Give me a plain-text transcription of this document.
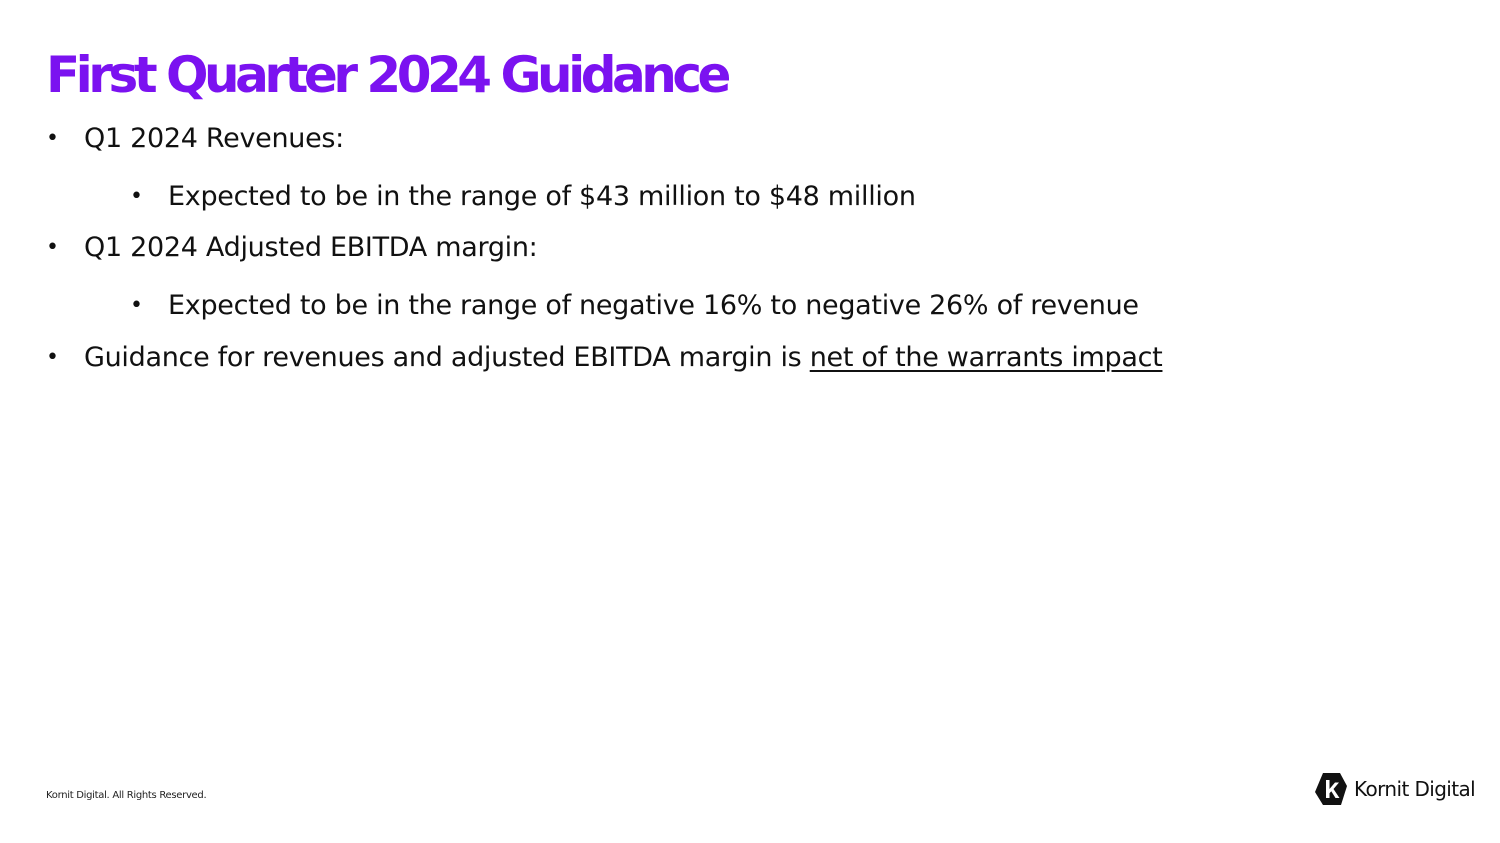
First Quarter 2024 Guidance
• Q1 2024 Revenues:
• Expected to be in the range of $43 million to $48 million
• Q1 2024 Adjusted EBITDA margin:
• Expected to be in the range of negative 16% to negative 26% of revenue
• Guidance for revenues and adjusted EBITDA margin is net of the warrants impact
Kornit Digital. All Rights Reserved.	Kornit Digital
